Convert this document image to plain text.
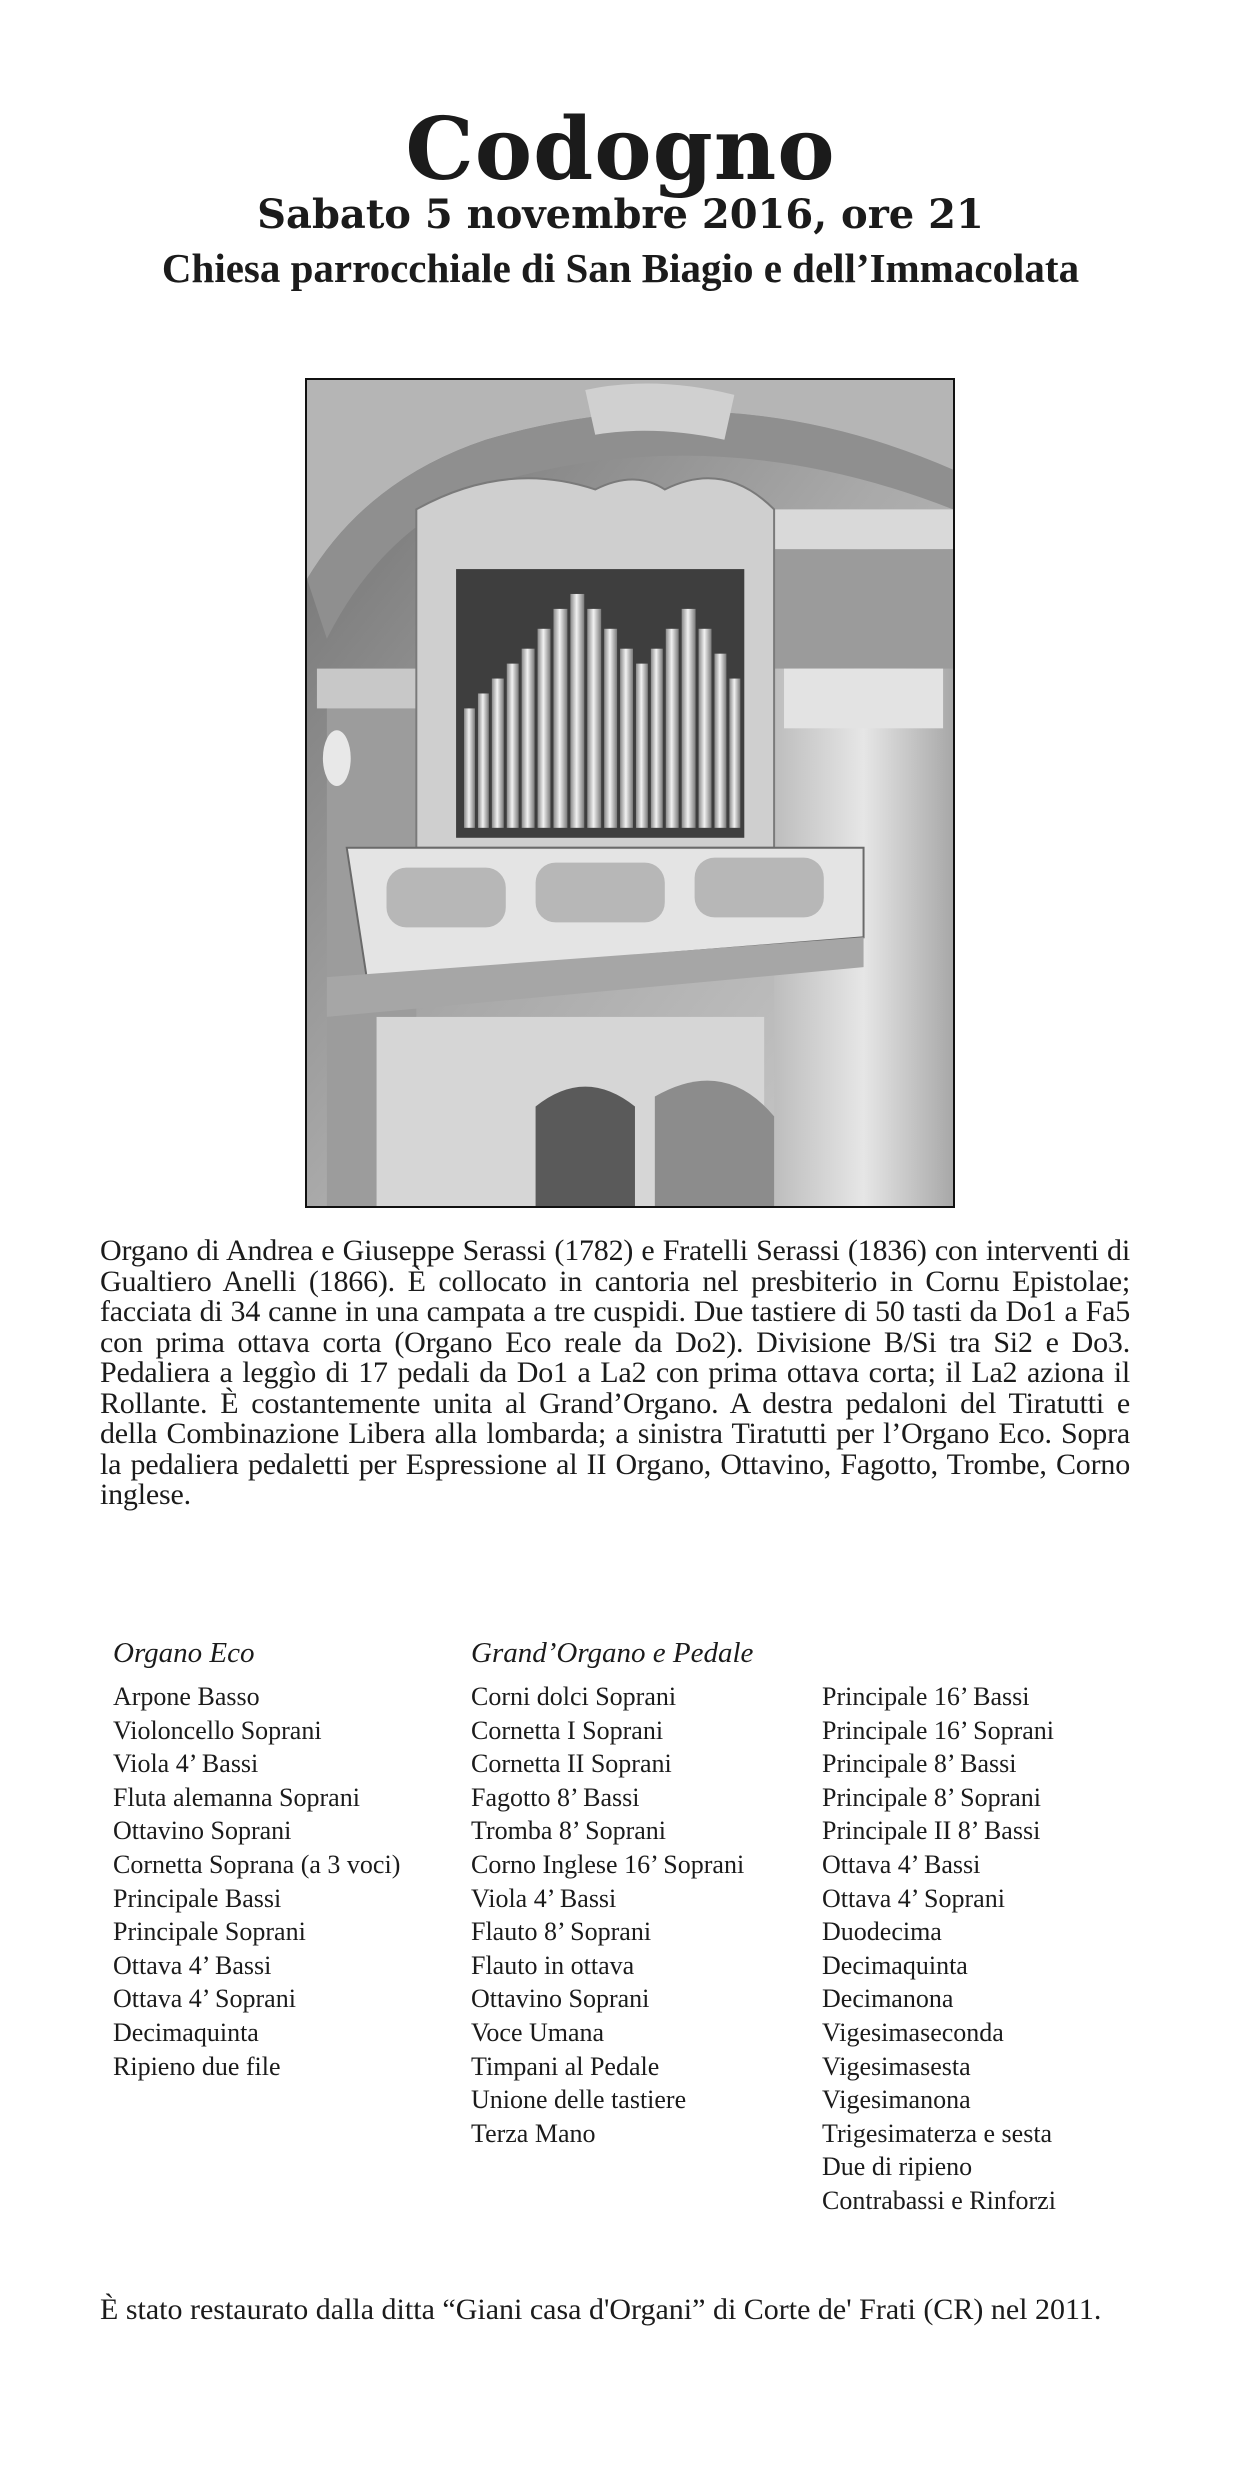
Codogno
Sabato 5 novembre 2016, ore 21
Chiesa parrocchiale di San Biagio e dell’Immacolata
Organo di Andrea e Giuseppe Serassi (1782) e Fratelli Serassi (1836) con interventi di Gualtiero Anelli (1866). È collocato in cantoria nel presbiterio in Cornu Epistolae; facciata di 34 canne in una campata a tre cuspidi. Due tastiere di 50 tasti da Do1 a Fa5 con prima ottava corta (Organo Eco reale da Do2). Divisione B/Si tra Si2 e Do3. Pedaliera a leggìo di 17 pedali da Do1 a La2 con prima ottava corta; il La2 aziona il Rollante. È costantemente unita al Grand’Organo. A destra pedaloni del Tiratutti e della Combinazione Libera alla lombarda; a sinistra Tiratutti per l’Organo Eco. Sopra la pedaliera pedaletti per Espressione al II Organo, Ottavino, Fagotto, Trombe, Corno inglese.
Organo Eco
Arpone Basso
Violoncello Soprani
Viola 4’ Bassi
Fluta alemanna Soprani
Ottavino Soprani
Cornetta Soprana (a 3 voci)
Principale Bassi
Principale Soprani
Ottava 4’ Bassi
Ottava 4’ Soprani
Decimaquinta
Ripieno due file
Grand’Organo e Pedale
Corni dolci Soprani
Cornetta I Soprani
Cornetta II Soprani
Fagotto 8’ Bassi
Tromba 8’ Soprani
Corno Inglese 16’ Soprani
Viola 4’ Bassi
Flauto 8’ Soprani
Flauto in ottava
Ottavino Soprani
Voce Umana
Timpani al Pedale
Unione delle tastiere
Terza Mano
Principale 16’ Bassi
Principale 16’ Soprani
Principale 8’ Bassi
Principale 8’ Soprani
Principale II 8’ Bassi
Ottava 4’ Bassi
Ottava 4’ Soprani
Duodecima
Decimaquinta
Decimanona
Vigesimaseconda
Vigesimasesta
Vigesimanona
Trigesimaterza e sesta
Due di ripieno
Contrabassi e Rinforzi
È stato restaurato dalla ditta “Giani casa d'Organi” di Corte de' Frati (CR) nel 2011.
